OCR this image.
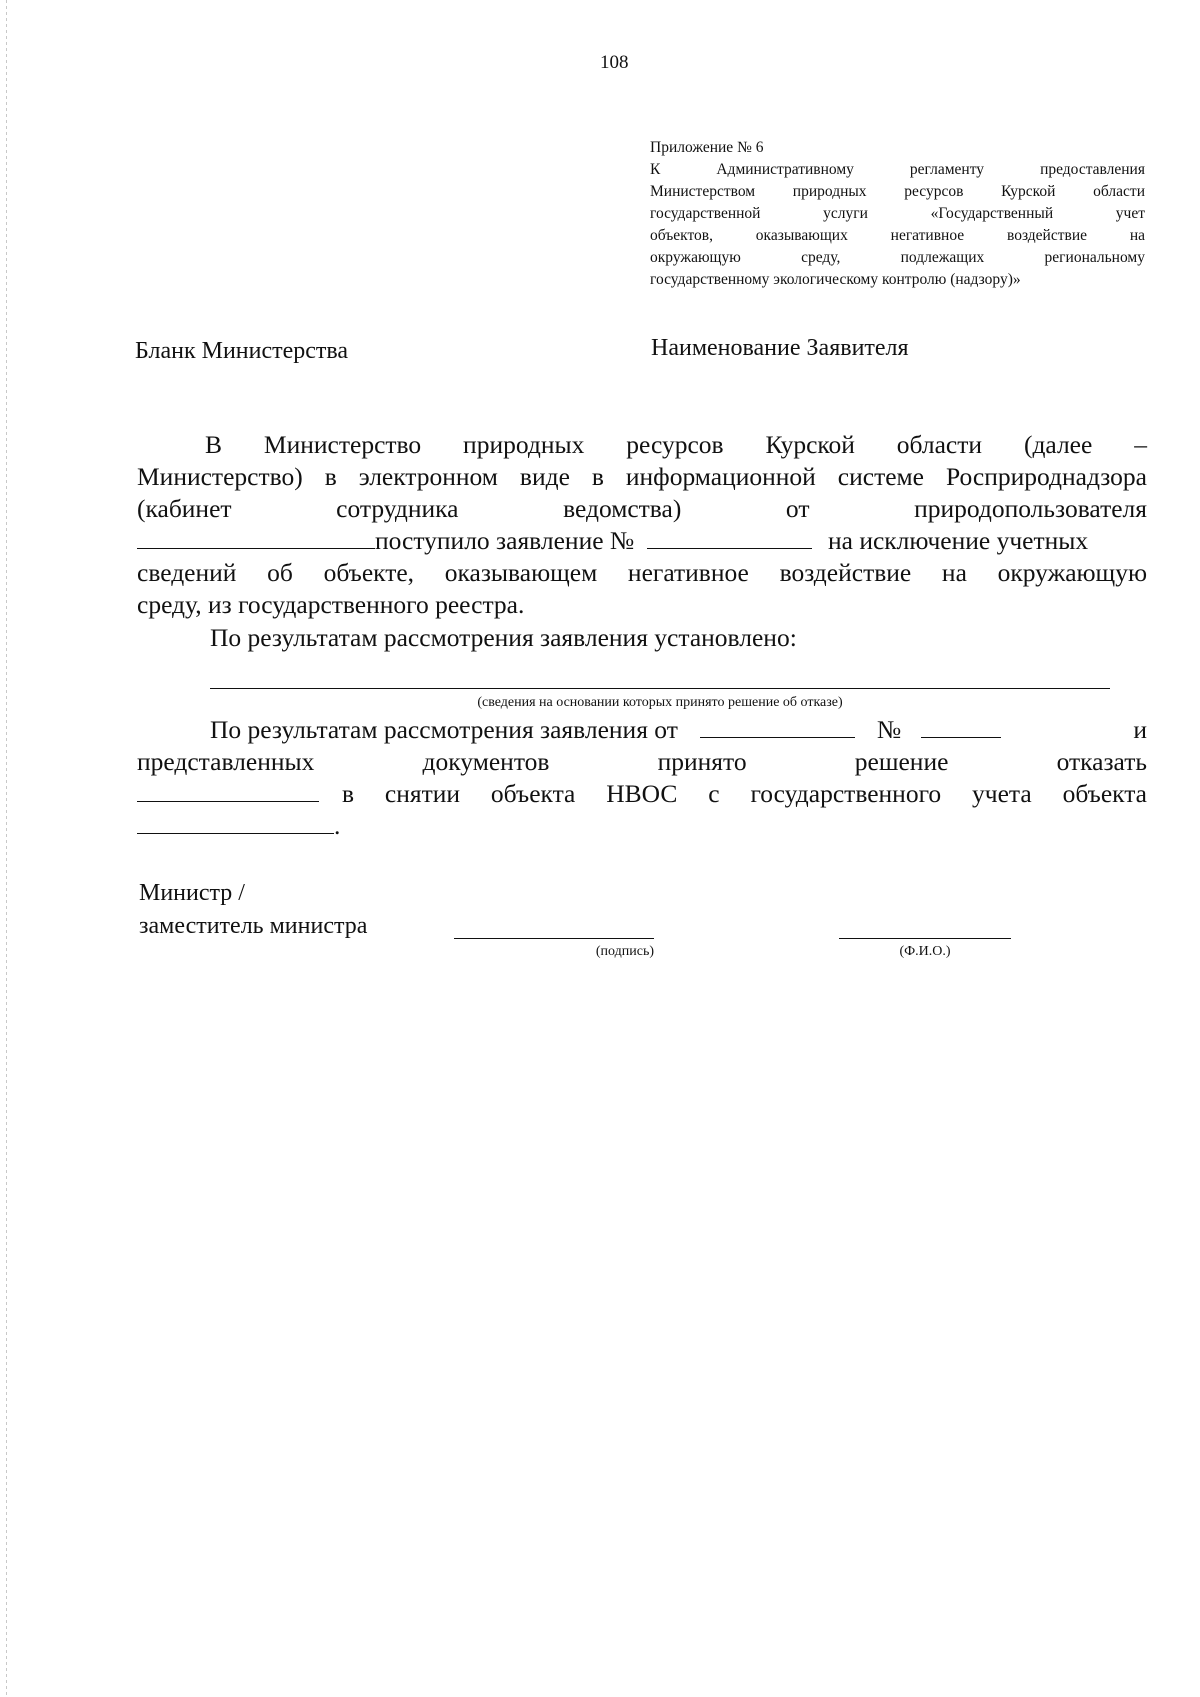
108
Приложение № 6
К Административному регламенту предоставления
Министерством природных ресурсов Курской области
государственной услуги «Государственный учет
объектов, оказывающих негативное воздействие на
окружающую среду, подлежащих региональному
государственному экологическому контролю (надзору)»
Бланк Министерства	Наименование Заявителя
В Министерство природных ресурсов Курской области (далее –
Министерство) в электронном виде в информационной системе Росприроднадзора
(кабинет сотрудника ведомства) от природопользователя
поступило заявление №	на исключение учетных
сведений об объекте, оказывающем негативное воздействие на окружающую
среду, из государственного реестра.
По результатам рассмотрения заявления установлено:
(сведения на основании которых принято решение об отказе)
По результатам рассмотрения заявления от	№	и
представленных документов принято решение отказать
в снятии объекта НВОС с государственного учета объекта
.
Министр /
заместитель министра
(подпись)	(Ф.И.О.)
